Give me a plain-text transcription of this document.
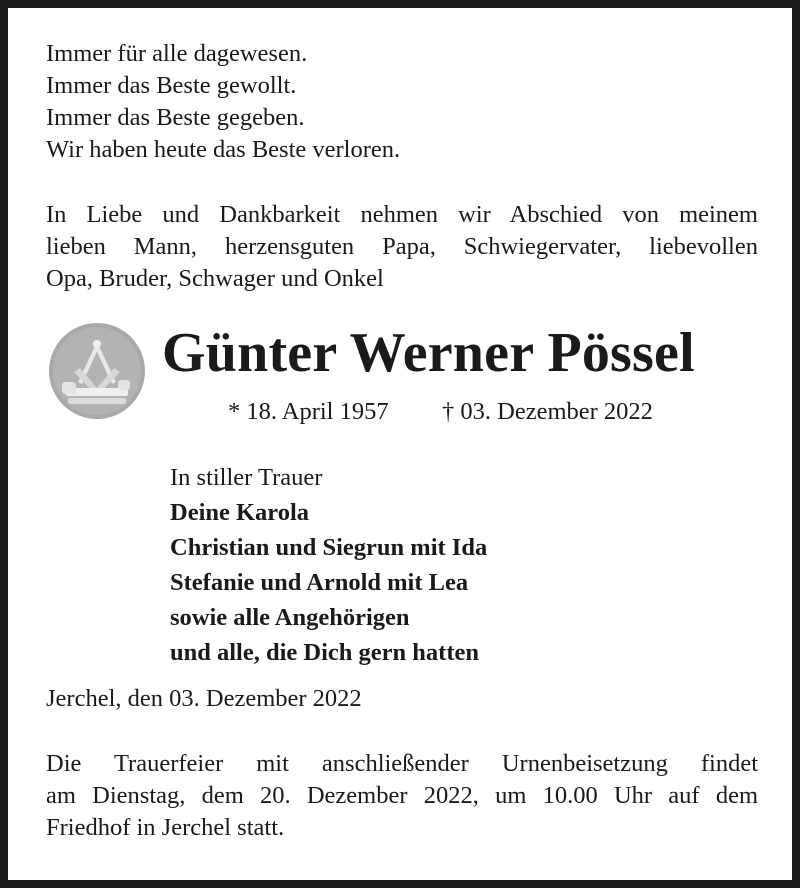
Immer für alle dagewesen.
Immer das Beste gewollt.
Immer das Beste gegeben.
Wir haben heute das Beste verloren.
In Liebe und Dankbarkeit nehmen wir Abschied von meinem
lieben Mann, herzensguten Papa, Schwiegervater, liebevollen
Opa, Bruder, Schwager und Onkel
Günter Werner Pössel
* 18. April 1957 † 03. Dezember 2022
In stiller Trauer
Deine Karola
Christian und Siegrun mit Ida
Stefanie und Arnold mit Lea
sowie alle Angehörigen
und alle, die Dich gern hatten
Jerchel, den 03. Dezember 2022
Die Trauerfeier mit anschließender Urnenbeisetzung findet
am Dienstag, dem 20. Dezember 2022, um 10.00 Uhr auf dem
Friedhof in Jerchel statt.
